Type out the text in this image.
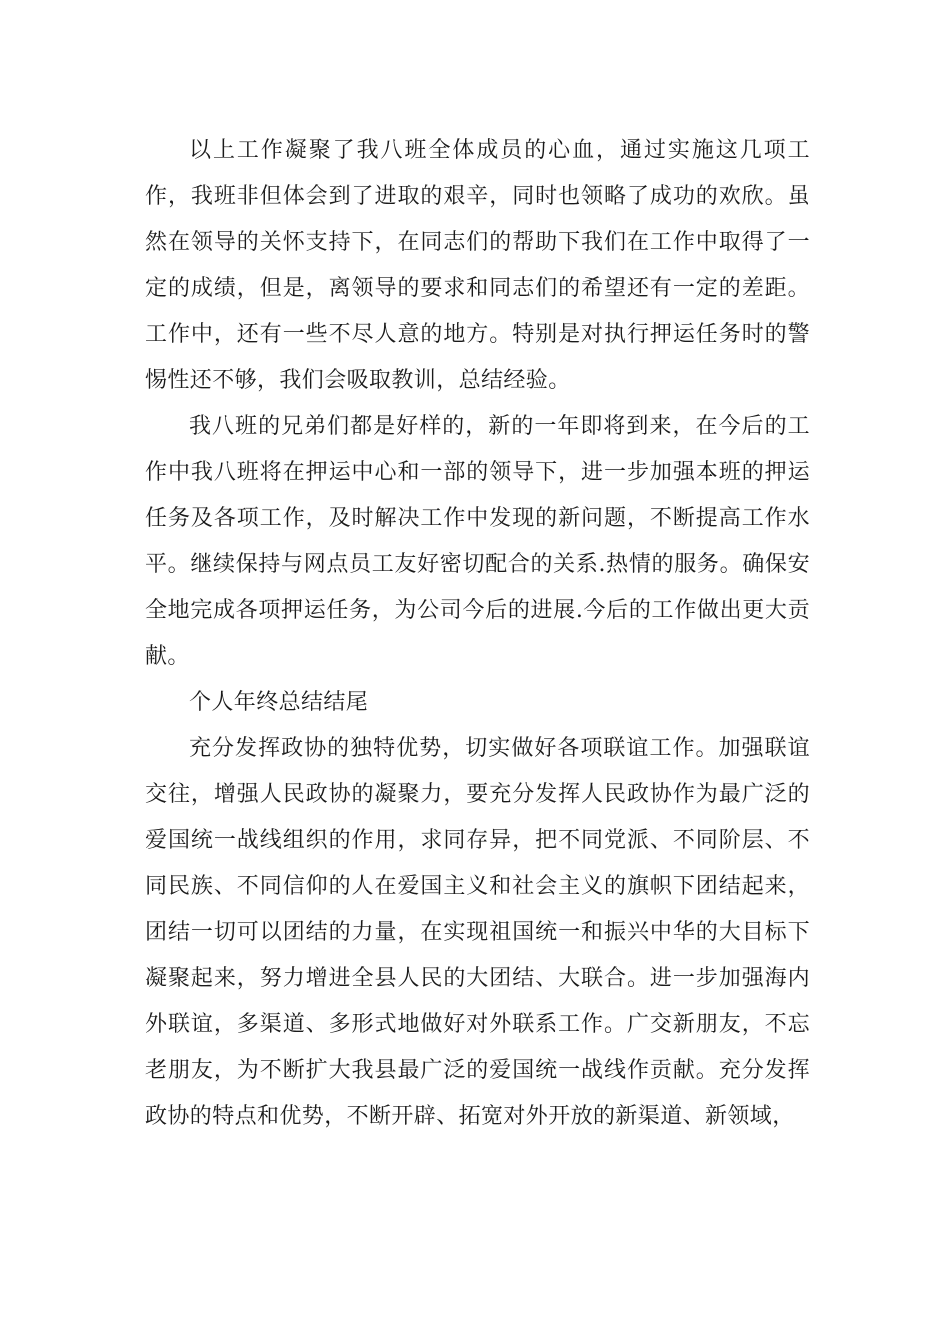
以上工作凝聚了我八班全体成员的心血，通过实施这几项工作，我班非但体会到了进取的艰辛，同时也领略了成功的欢欣。虽然在领导的关怀支持下，在同志们的帮助下我们在工作中取得了一定的成绩，但是，离领导的要求和同志们的希望还有一定的差距。工作中，还有一些不尽人意的地方。特别是对执行押运任务时的警惕性还不够，我们会吸取教训，总结经验。

我八班的兄弟们都是好样的，新的一年即将到来，在今后的工作中我八班将在押运中心和一部的领导下，进一步加强本班的押运任务及各项工作，及时解决工作中发现的新问题，不断提高工作水平。继续保持与网点员工友好密切配合的关系.热情的服务。确保安全地完成各项押运任务，为公司今后的进展.今后的工作做出更大贡献。

个人年终总结结尾

充分发挥政协的独特优势，切实做好各项联谊工作。加强联谊交往，增强人民政协的凝聚力，要充分发挥人民政协作为最广泛的爱国统一战线组织的作用，求同存异，把不同党派、不同阶层、不同民族、不同信仰的人在爱国主义和社会主义的旗帜下团结起来，团结一切可以团结的力量，在实现祖国统一和振兴中华的大目标下凝聚起来，努力增进全县人民的大团结、大联合。进一步加强海内外联谊，多渠道、多形式地做好对外联系工作。广交新朋友，不忘老朋友，为不断扩大我县最广泛的爱国统一战线作贡献。充分发挥政协的特点和优势，不断开辟、拓宽对外开放的新渠道、新领域，
